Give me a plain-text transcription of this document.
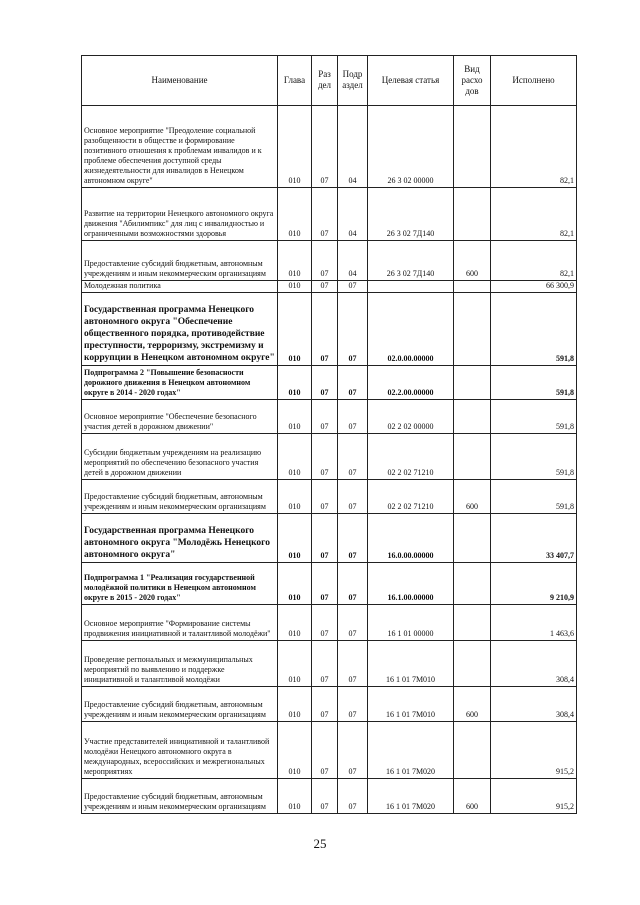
Наименование	Глава	Раз дел	Подр аздел	Целевая статья	Вид расхо дов	Исполнено
Основное мероприятие "Преодоление социальной разобщенности в обществе и формирование позитивного отношения к проблемам инвалидов и к проблеме обеспечения доступной среды жизнедеятельности для инвалидов в Ненецком автономном округе"	010	07	04	26 3 02 00000		82,1
Развитие на территории Ненецкого автономного округа движения "Абилимпикс" для лиц с инвалидностью и ограниченными возможностями здоровья	010	07	04	26 3 02 7Д140		82,1
Предоставление субсидий бюджетным, автономным учреждениям и иным некоммерческим организациям	010	07	04	26 3 02 7Д140	600	82,1
Молодежная политика	010	07	07			66 300,9
Государственная программа Ненецкого автономного округа "Обеспечение общественного порядка, противодействие преступности, терроризму, экстремизму и коррупции в Ненецком автономном округе"	010	07	07	02.0.00.00000		591,8
Подпрограмма 2 "Повышение безопасности дорожного движения в Ненецком автономном округе в 2014 - 2020 годах"	010	07	07	02.2.00.00000		591,8
Основное мероприятие "Обеспечение безопасного участия детей в дорожном движении"	010	07	07	02 2 02 00000		591,8
Субсидии бюджетным учреждениям на реализацию мероприятий по обеспечению безопасного участия детей в дорожном движении	010	07	07	02 2 02 71210		591,8
Предоставление субсидий бюджетным, автономным учреждениям и иным некоммерческим организациям	010	07	07	02 2 02 71210	600	591,8
Государственная программа Ненецкого автономного округа "Молодёжь Ненецкого автономного округа"	010	07	07	16.0.00.00000		33 407,7
Подпрограмма 1 "Реализация государственной молодёжной политики в Ненецком автономном округе в 2015 - 2020 годах"	010	07	07	16.1.00.00000		9 210,9
Основное мероприятие "Формирование системы продвижения инициативной и талантливой молодёжи"	010	07	07	16 1 01 00000		1 463,6
Проведение регпональных и межмуниципальных мероприятий по выявлению и поддержке инициативной и талантливой молодёжи	010	07	07	16 1 01 7М010		308,4
Предоставление субсидий бюджетным, автономным учреждениям и иным некоммерческим организациям	010	07	07	16 1 01 7М010	600	308,4
Участие представителей инициативной и талантливой молодёжи Ненецкого автономного округа в международных, всероссийских и межрегиональных мероприятиях	010	07	07	16 1 01 7М020		915,2
Предоставление субсидий бюджетным, автономным учреждениям и иным некоммерческим организациям	010	07	07	16 1 01 7М020	600	915,2
25
